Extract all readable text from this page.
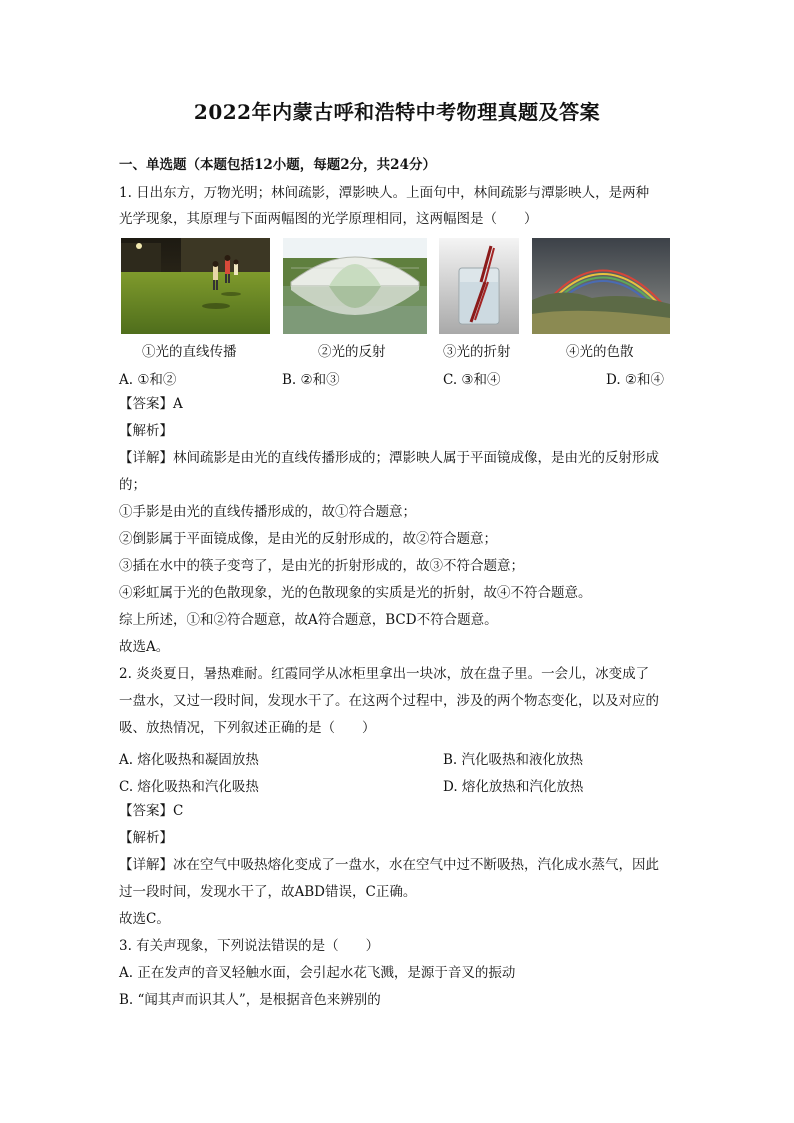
2022年内蒙古呼和浩特中考物理真题及答案
一、单选题（本题包括12小题，每题2分，共24分）
1. 日出东方，万物光明；林间疏影，潭影映人。上面句中，林间疏影与潭影映人，是两种
光学现象，其原理与下面两幅图的光学原理相同，这两幅图是（　　）
①光的直线传播	②光的反射	③光的折射	④光的色散
A. ①和②	B. ②和③	C. ③和④	D. ②和④
【答案】A
【解析】
【详解】林间疏影是由光的直线传播形成的；潭影映人属于平面镜成像，是由光的反射形成
的；
①手影是由光的直线传播形成的，故①符合题意；
②倒影属于平面镜成像，是由光的反射形成的，故②符合题意；
③插在水中的筷子变弯了，是由光的折射形成的，故③不符合题意；
④彩虹属于光的色散现象，光的色散现象的实质是光的折射，故④不符合题意。
综上所述，①和②符合题意，故A符合题意，BCD不符合题意。
故选A。
2. 炎炎夏日，暑热难耐。红霞同学从冰柜里拿出一块冰，放在盘子里。一会儿，冰变成了
一盘水，又过一段时间，发现水干了。在这两个过程中，涉及的两个物态变化，以及对应的
吸、放热情况，下列叙述正确的是（　　）
A. 熔化吸热和凝固放热	B. 汽化吸热和液化放热
C. 熔化吸热和汽化吸热	D. 熔化放热和汽化放热
【答案】C
【解析】
【详解】冰在空气中吸热熔化变成了一盘水，水在空气中过不断吸热，汽化成水蒸气，因此
过一段时间，发现水干了，故ABD错误，C正确。
故选C。
3. 有关声现象，下列说法错误的是（　　）
A. 正在发声的音叉轻触水面，会引起水花飞溅，是源于音叉的振动
B. “闻其声而识其人”，是根据音色来辨别的
